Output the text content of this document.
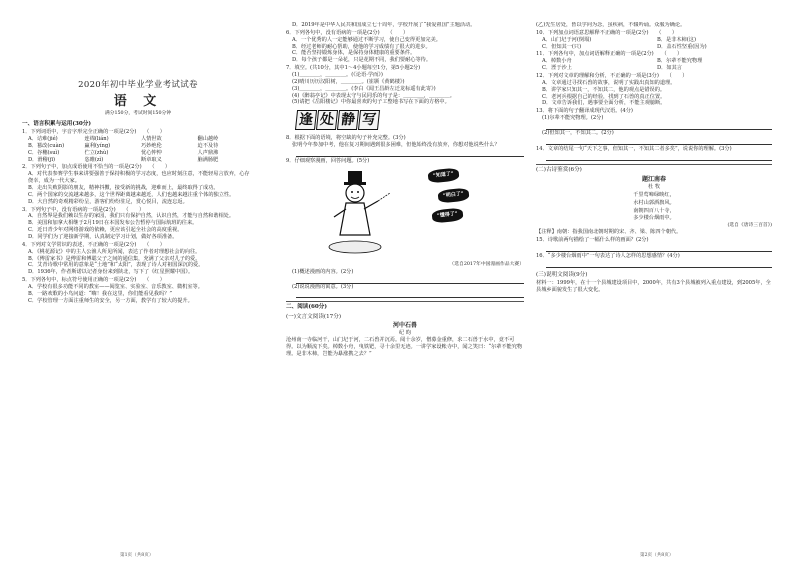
2020年初中毕业学业考试试卷
语 文
满分150分，考试时间150分钟
一、语言积累与运用(30分)
1．下列词语中，字音字形完全正确的一项是(2分)　　（　　）
A．诘难(jié)	连绵(lián)	人情世故	翻山越岭
B．篡改(cuàn)	赢利(yíng)	巧妙绝伦	迫不及待
C．谷穗(suì)	伫立(zhù)	忧心忡忡	人声鼎沸
D．滑稽(jī)	恣睢(zì)	断章取义	脑满肠肥
2．下列句子中，加点成语使用不恰当的一项是(2分)　　（　　）
A．对代表参赛学生事来讲要强善于保持积极的学习态度，也应时刻注意，不能轻易言放弃，心存侥幸，成为一代大家。
B．走出失败阴影的朋友，精神抖擞，接受新的挑战，迎难而上，最终取得了成功。
C．两个国家的交流越来越多，这个世界距离越来越近，人们也越来越注重个体的独立性。
D．大自然的奇观精彩纷呈，游客们纷纷驻足，赏心悦目，流连忘返。
3．下列句子中，没有语病的一项是(2分)　　（　　）
A．自然界是我们赖以生存的家园，我们只有保护自然，认识自然，才能与自然和谐相处。
B．美国和加拿大相继于2月19日在本国发布公告暂停与国际航班的往来。
C．近日青少年对网络游戏的依赖，更应该引起全社会的高度重视。
D．同学们为了迎接新学期，认真制定学习计划，做好各项准备。
4．下列对文学常识的表述，不正确的一项是(2分)　　（　　）
A．《桃花源记》中的主人公渔人所见所闻，表达了作者对理想社会的向往。
B．《傅雷家书》是傅雷和傅聪父子之间的通信集，充满了父亲对儿子的爱。
C．艾青诗歌中常用的意象是“土地”和“太阳”，表现了诗人对祖国深沉的爱。
D．1936年，作者斯诺以记者身份来到陕北，写下了《红星照耀中国》。
5．下列各句中，标点符号使用正确的一项是(2分)　　（　　）
A．学校有很多功能不同的教室——阅览室、实验室、音乐教室、微机室等。
B．一路欢歌的小鸟问道：“嗨！我在这里，你们能看见我吗？”
C．学校管理一方面注重师生的安全，另一方面，教学有了较大的提升。
D．2019年是中华人民共和国成立七十周年，学校开展了“我爱祖国”主题活动。
6．下列各句中，没有语病的一项是(2分)　　（　　）
A．一个优秀的人一定能够通过不断学习，使自己变得更加完美。
B．经过老师的耐心帮助，使他的学习成绩有了很大的进步。
C．能否坚持锻炼身体，是保持身体健康的重要条件。
D．每个孩子都是一朵花，只是花期不同，我们要耐心等待。
7．填空。(共10分，其中1～4小题每空1分，第5小题2分)
(1)＿＿＿＿，＿＿＿＿。(《论语·学而》)
(2)晴川历历汉阳树，＿＿＿＿。(崔颢《黄鹤楼》)
(3)＿＿＿＿，＿＿＿＿。(李白《闻王昌龄左迁龙标遥有此寄》)
(4)《醉翁亭记》中表现太守与民同乐的句子是：＿＿＿＿，＿＿＿＿。
(5)请把《岳阳楼记》中你最喜欢的句子工整地书写在下面的方格中。
逢 处 静 写
8．根据下面的语境，将空缺的句子补充完整。(3分)
张明今年参加中考，他在复习期间遇到很多困难，但他始终没有放弃，你想对他说些什么？
9．仔细观察漫画，回答问题。(5分)
“知道了”
“明白了”
“懂得了”
（选自2017年中国漫画作品大赛）
(1)概述漫画的内容。(2分)
(2)说说漫画的寓意。(3分)
二、阅读(60分)
(一)文言文阅读(17分)
河中石兽
纪 昀
沧州南一寺临河干，山门圮于河，二石兽并沉焉。阅十余岁，僧募金重修，求二石兽于水中，竟不可得。以为顺流下矣。棹数小舟，曳铁钯，寻十余里无迹。一讲学家设帐寺中，闻之笑曰：“尔辈不能究物理。是非木柿，岂能为暴涨携之去？”
(乙)先生居处，皆以学问为念，虽疾病，不辍吟诵。众服为确论。
10．下列加点词语意思解释不正确的一项是(2分)　　（　　）
A．山门圮于河(倒塌)	B．是非木柿(这)
C．但知其一(只)	D．盖石性坚重(因为)
11．下列各句中，加点词语解释正确的一项是(2分)　　（　　）
A．棹数小舟	B．尔辈不能究物理
C．湮于沙上	D．如其言
12．下列对文章的理解和分析，不正确的一项是(3分)　　（　　）
A．文章通过寻找石兽的故事，说明了实践出真知的道理。
B．讲学家只知其一，不知其二，他的观点是错误的。
C．老河兵根据自己的经验，找到了石兽的真正位置。
D．文章告诉我们，遇事要全面分析，不能主观臆断。
13．将下面的句子翻译成现代汉语。(4分)
(1)尔辈不能究物理。(2分)
(2)但知其一，不知其二。(2分)
14．文章的结尾一句“天下之事，但知其一，不知其二者多矣”，说说你的理解。(3分)
(二)古诗鉴赏(6分)
题江南春
杜 牧
千里莺啼绿映红，
水村山郭酒旗风。
南朝四百八十寺，
多少楼台烟雨中。
(选自《唐诗三百首》)
【注释】南朝：指我国南北朝时期的宋、齐、梁、陈四个朝代。
15．诗歌前两句描绘了一幅什么样的画面？(2分)
16．“多少楼台烟雨中”一句表达了诗人怎样的思想感情？(4分)
(三)说明文阅读(9分)
材料一：1999年，在十一个县城建设项目中，2000年，共有3个县城被列入重点建设，到2005年，全县城乡面貌发生了很大变化。
第1页（共8页）	第2页（共8页）
